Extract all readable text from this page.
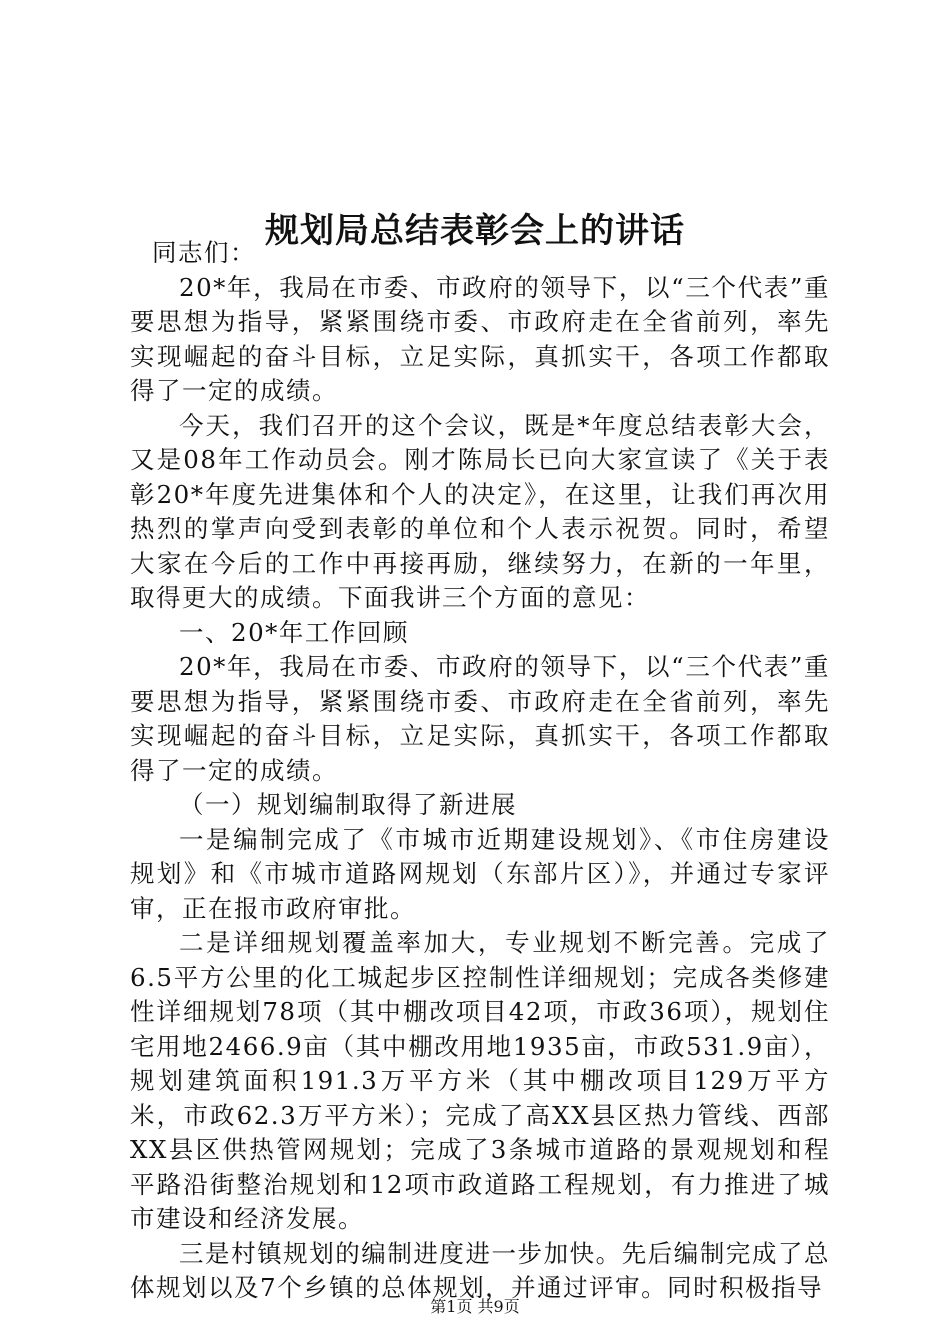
规划局总结表彰会上的讲话

同志们：

20*年，我局在市委、市政府的领导下，以“三个代表”重要思想为指导，紧紧围绕市委、市政府走在全省前列，率先实现崛起的奋斗目标，立足实际，真抓实干，各项工作都取得了一定的成绩。

今天，我们召开的这个会议，既是*年度总结表彰大会，又是08年工作动员会。刚才陈局长已向大家宣读了《关于表彰20*年度先进集体和个人的决定》，在这里，让我们再次用热烈的掌声向受到表彰的单位和个人表示祝贺。同时，希望大家在今后的工作中再接再励，继续努力，在新的一年里，取得更大的成绩。下面我讲三个方面的意见：

一、20*年工作回顾

20*年，我局在市委、市政府的领导下，以“三个代表”重要思想为指导，紧紧围绕市委、市政府走在全省前列，率先实现崛起的奋斗目标，立足实际，真抓实干，各项工作都取得了一定的成绩。

（一）规划编制取得了新进展

一是编制完成了《市城市近期建设规划》、《市住房建设规划》和《市城市道路网规划（东部片区）》，并通过专家评审，正在报市政府审批。

二是详细规划覆盖率加大，专业规划不断完善。完成了6.5平方公里的化工城起步区控制性详细规划；完成各类修建性详细规划78项（其中棚改项目42项，市政36项），规划住宅用地2466.9亩（其中棚改用地1935亩，市政531.9亩），规划建筑面积191.3万平方米（其中棚改项目129万平方米，市政62.3万平方米）；完成了高XX县区热力管线、西部XX县区供热管网规划；完成了3条城市道路的景观规划和程平路沿街整治规划和12项市政道路工程规划，有力推进了城市建设和经济发展。

三是村镇规划的编制进度进一步加快。先后编制完成了总体规划以及7个乡镇的总体规划，并通过评审。同时积极指导

第1页 共9页
